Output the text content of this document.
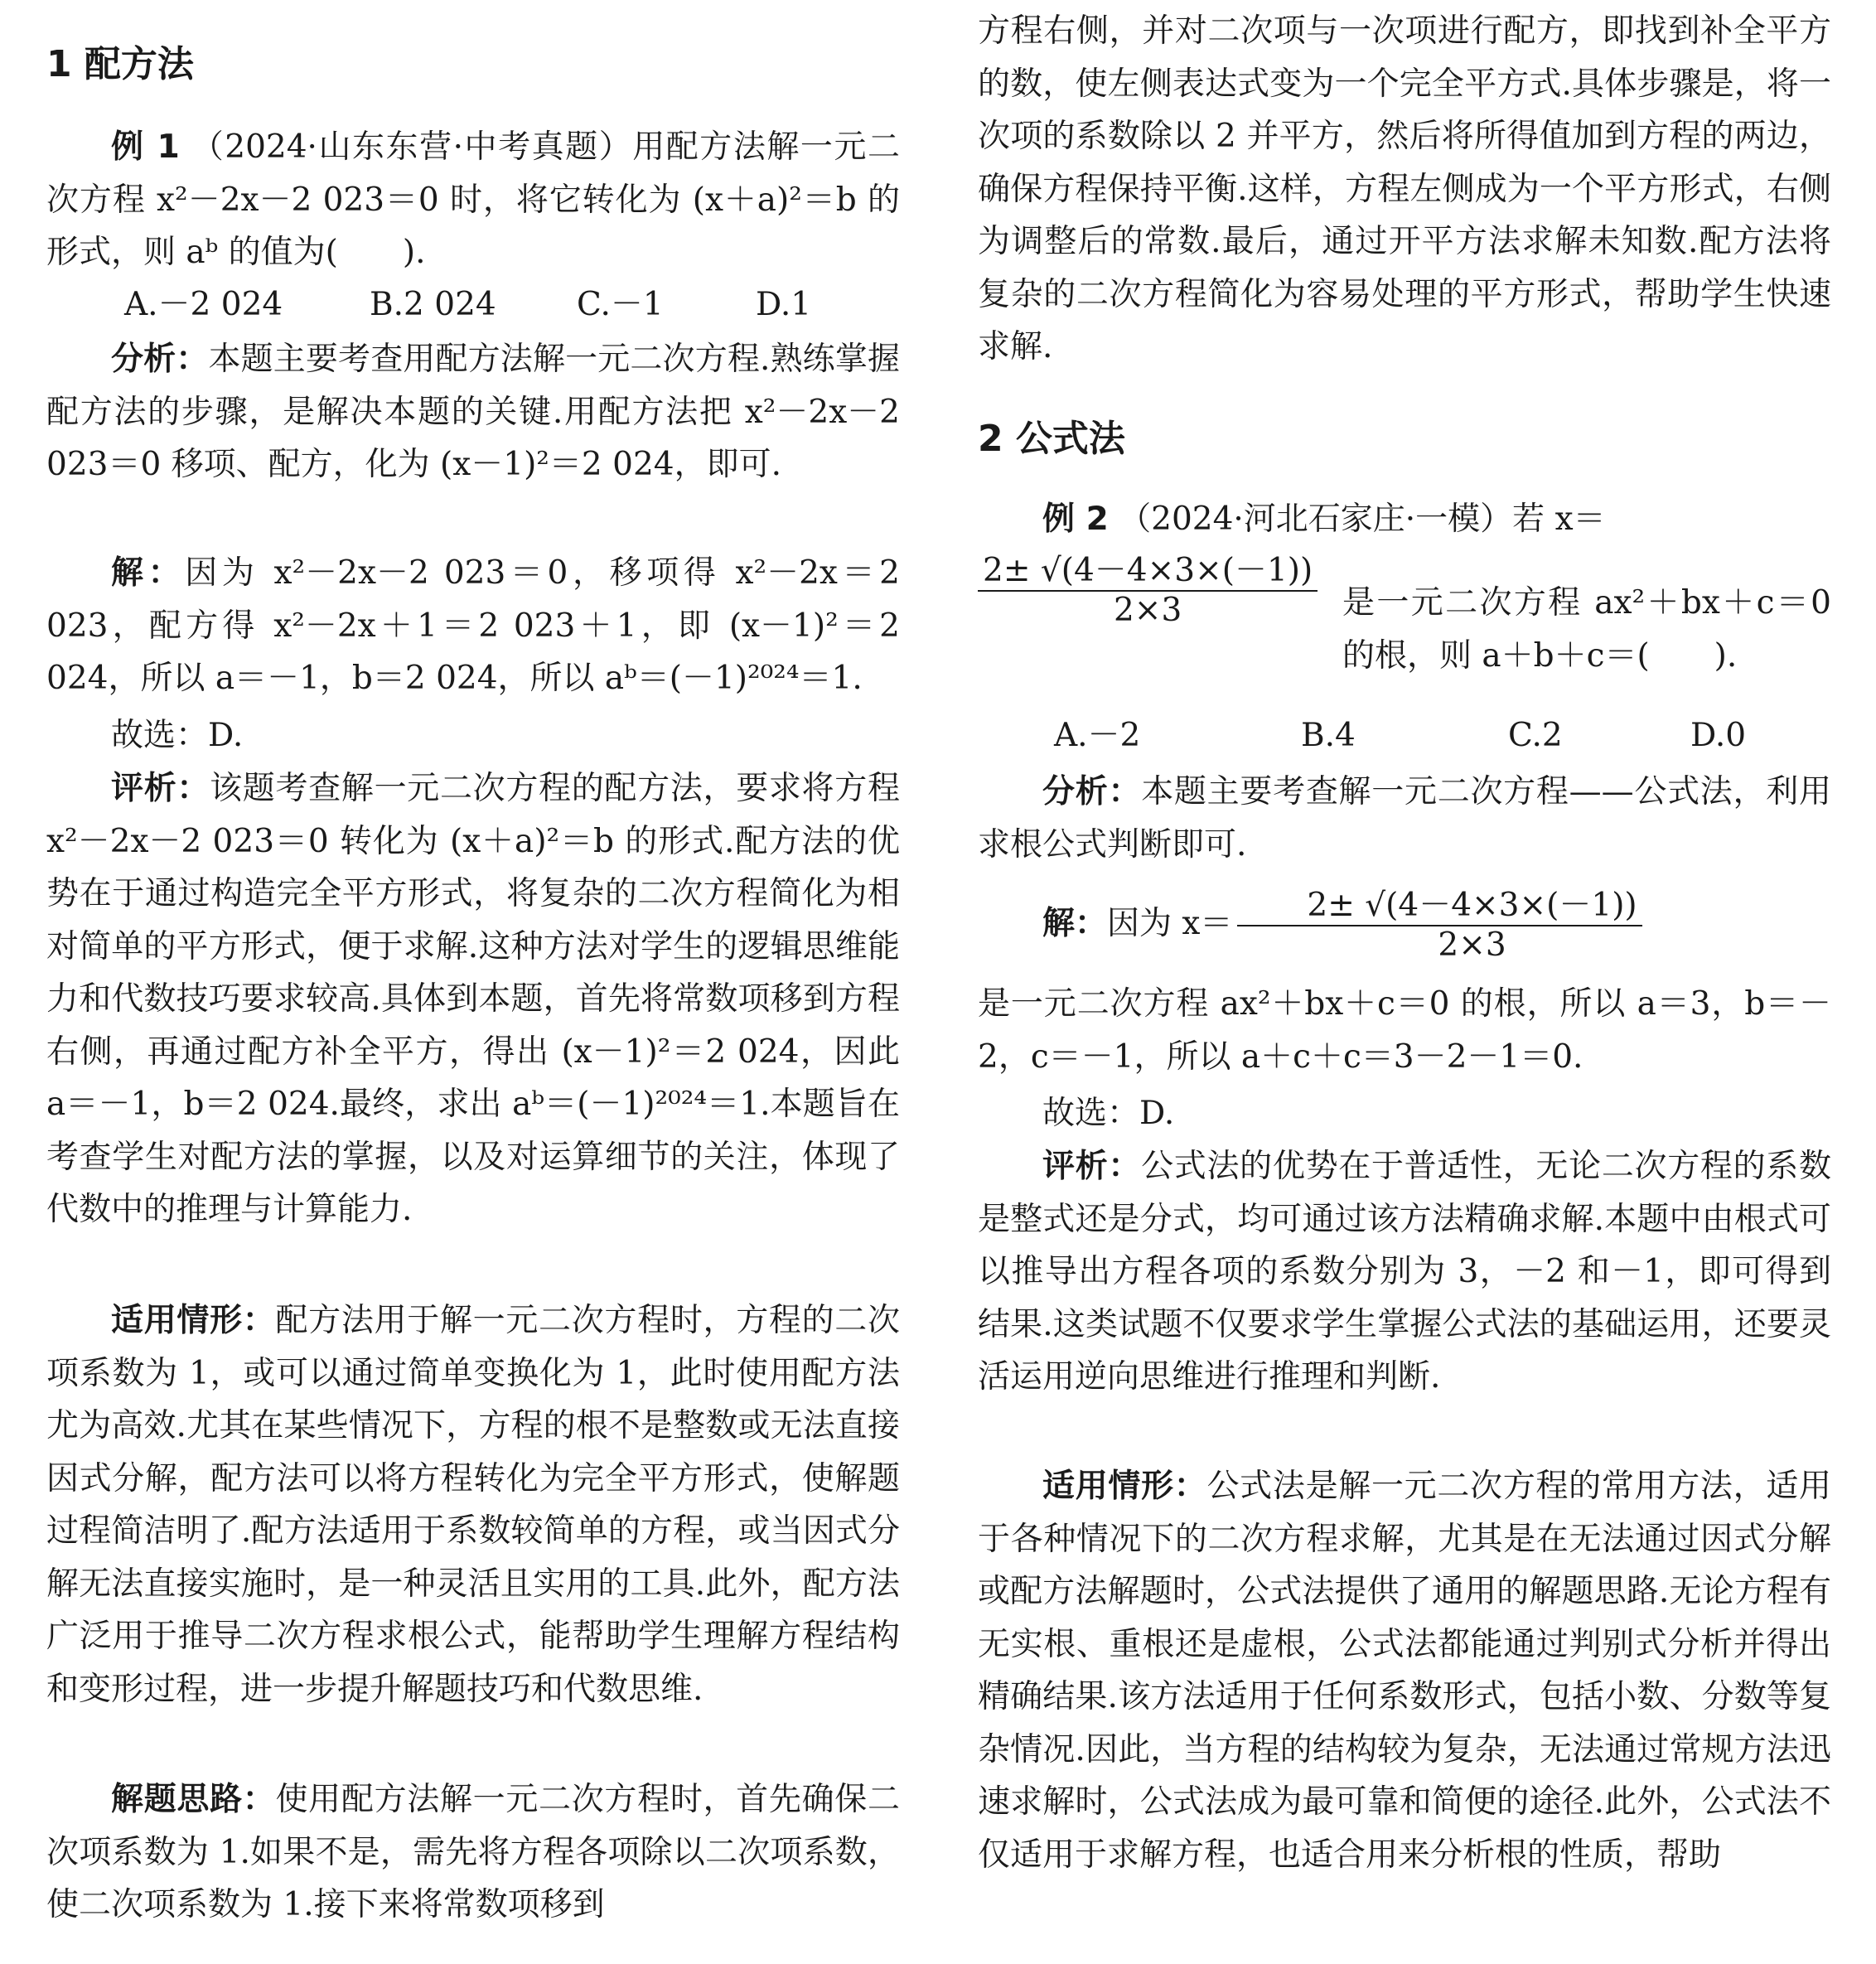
1 配方法

例 1 （2024·山东东营·中考真题）用配方法解一元二次方程 x²－2x－2 023＝0 时，将它转化为 (x＋a)²＝b 的形式，则 aᵇ 的值为(　　).

A.－2 024	B.2 024 C.－1	D.1

分析：本题主要考查用配方法解一元二次方程.熟练掌握配方法的步骤，是解决本题的关键.用配方法把 x²－2x－2 023＝0 移项、配方，化为 (x－1)²＝2 024，即可.

解：因为 x²－2x－2 023＝0，移项得 x²－2x＝2 023，配方得 x²－2x＋1＝2 023＋1，即 (x－1)²＝2 024，所以 a＝－1，b＝2 024，所以 aᵇ＝(－1)²⁰²⁴＝1.

故选：D.

评析：该题考查解一元二次方程的配方法，要求将方程 x²－2x－2 023＝0 转化为 (x＋a)²＝b 的形式.配方法的优势在于通过构造完全平方形式，将复杂的二次方程简化为相对简单的平方形式，便于求解.这种方法对学生的逻辑思维能力和代数技巧要求较高.具体到本题，首先将常数项移到方程右侧，再通过配方补全平方，得出 (x－1)²＝2 024，因此 a＝－1，b＝2 024.最终，求出 aᵇ＝(－1)²⁰²⁴＝1.本题旨在考查学生对配方法的掌握，以及对运算细节的关注，体现了代数中的推理与计算能力.

适用情形：配方法用于解一元二次方程时，方程的二次项系数为 1，或可以通过简单变换化为 1，此时使用配方法尤为高效.尤其在某些情况下，方程的根不是整数或无法直接因式分解，配方法可以将方程转化为完全平方形式，使解题过程简洁明了.配方法适用于系数较简单的方程，或当因式分解无法直接实施时，是一种灵活且实用的工具.此外，配方法广泛用于推导二次方程求根公式，能帮助学生理解方程结构和变形过程，进一步提升解题技巧和代数思维.

解题思路：使用配方法解一元二次方程时，首先确保二次项系数为 1.如果不是，需先将方程各项除以二次项系数，使二次项系数为 1.接下来将常数项移到

方程右侧，并对二次项与一次项进行配方，即找到补全平方的数，使左侧表达式变为一个完全平方式.具体步骤是，将一次项的系数除以 2 并平方，然后将所得值加到方程的两边，确保方程保持平衡.这样，方程左侧成为一个平方形式，右侧为调整后的常数.最后，通过开平方法求解未知数.配方法将复杂的二次方程简化为容易处理的平方形式，帮助学生快速求解.

2 公式法
例 2 （2024·河北石家庄·一模）若 x＝
$\frac{2\pm √(4-4\times 3\times(-1))}{2\times 3}$ 是一元二次方程 ax²＋bx＋c＝0 的根，则 a＋b＋c＝(　　).

A.－2	B.4	C.2	D.0

分析：本题主要考查解一元二次方程——公式法，利用求根公式判断即可.

解：因为 $x= \frac{2\pm √(4-4\times 3\times(-1))}{2\times 3}$

是一元二次方程 ax²＋bx＋c＝0 的根，所以 a＝3，b＝－2，c＝－1，所以 a＋c＋c＝3－2－1＝0.

故选：D.

评析：公式法的优势在于普适性，无论二次方程的系数是整式还是分式，均可通过该方法精确求解.本题中由根式可以推导出方程各项的系数分别为 3，－2 和－1，即可得到结果.这类试题不仅要求学生掌握公式法的基础运用，还要灵活运用逆向思维进行推理和判断.

适用情形：公式法是解一元二次方程的常用方法，适用于各种情况下的二次方程求解，尤其是在无法通过因式分解或配方法解题时，公式法提供了通用的解题思路.无论方程有无实根、重根还是虚根，公式法都能通过判别式分析并得出精确结果.该方法适用于任何系数形式，包括小数、分数等复杂情况.因此，当方程的结构较为复杂，无法通过常规方法迅速求解时，公式法成为最可靠和简便的途径.此外，公式法不仅适用于求解方程，也适合用来分析根的性质，帮助
